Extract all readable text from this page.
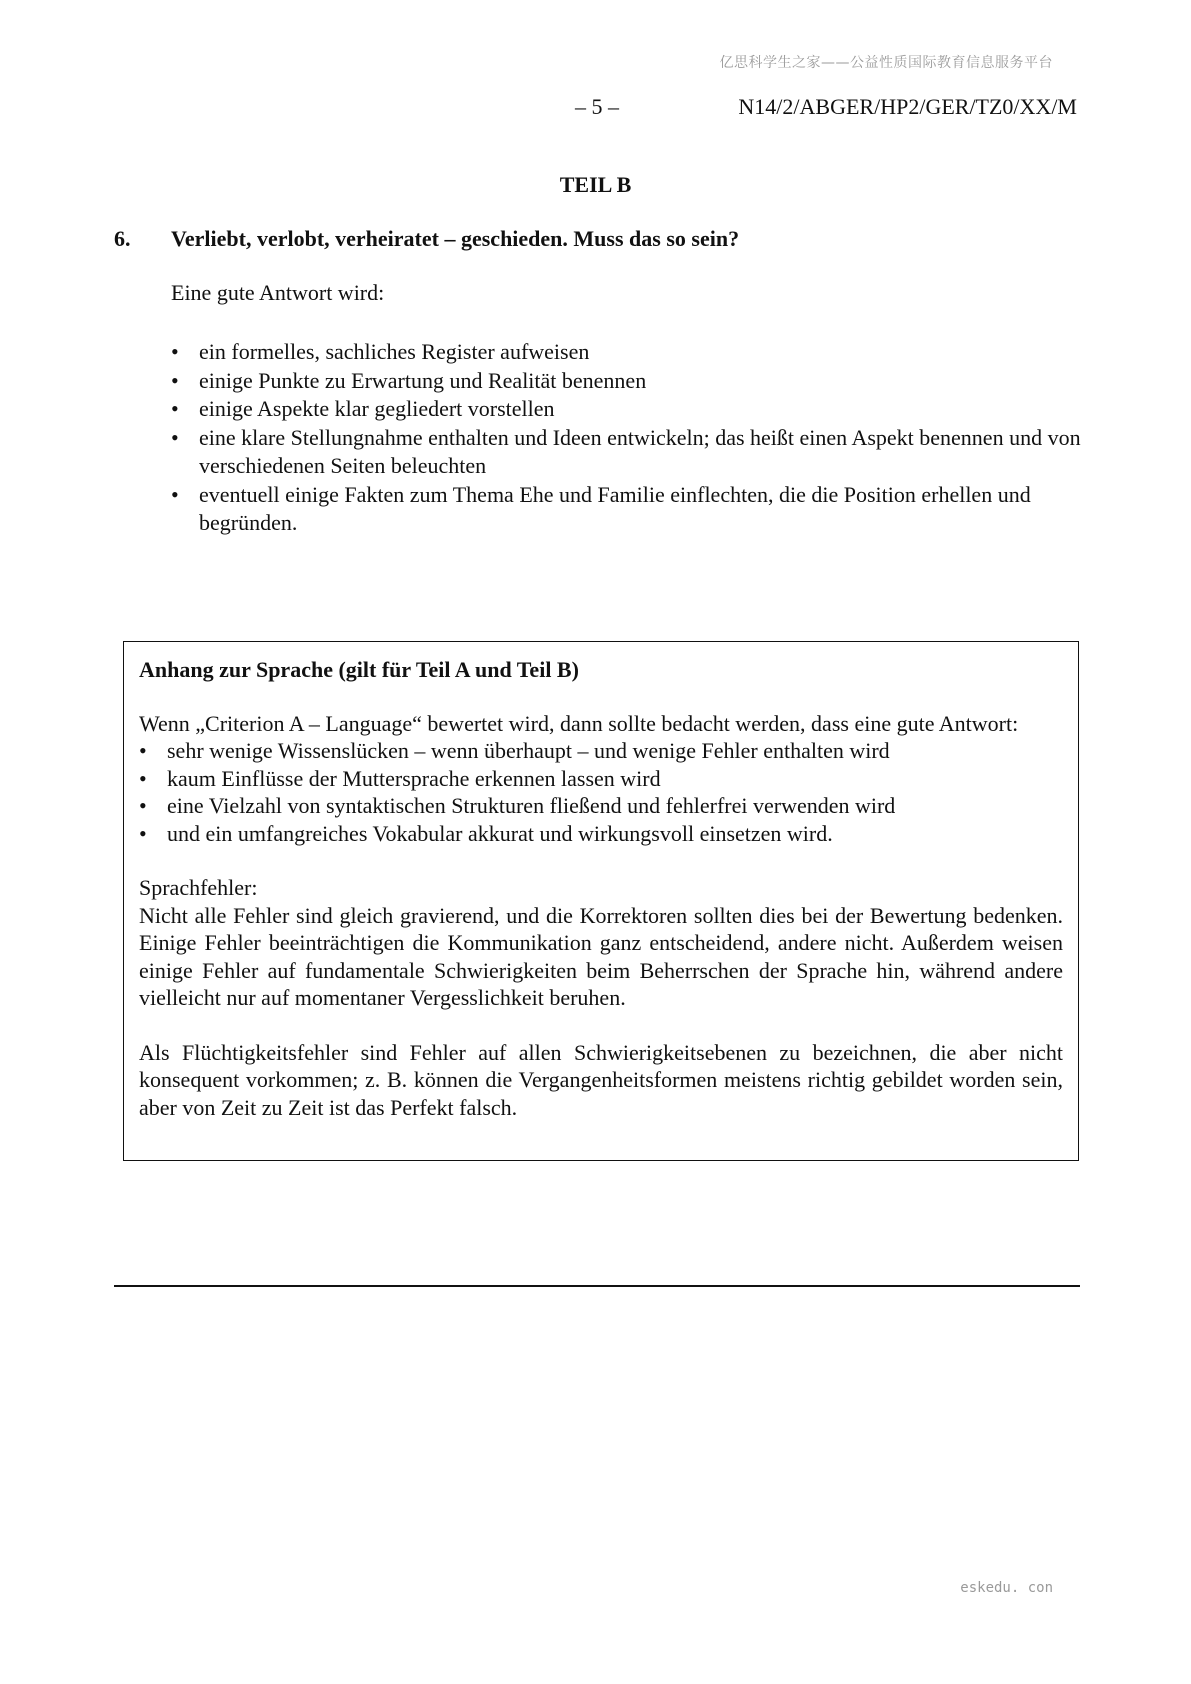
亿思科学生之家——公益性质国际教育信息服务平台
– 5 –	N14/2/ABGER/HP2/GER/TZ0/XX/M
TEIL B
6. Verliebt, verlobt, verheiratet – geschieden. Muss das so sein?
Eine gute Antwort wird:
• ein formelles, sachliches Register aufweisen
• einige Punkte zu Erwartung und Realität benennen
• einige Aspekte klar gegliedert vorstellen
• eine klare Stellungnahme enthalten und Ideen entwickeln; das heißt einen Aspekt benennen und von verschiedenen Seiten beleuchten
• eventuell einige Fakten zum Thema Ehe und Familie einflechten, die die Position erhellen und begründen.

Anhang zur Sprache (gilt für Teil A und Teil B)

Wenn „Criterion A – Language“ bewertet wird, dann sollte bedacht werden, dass eine gute Antwort:

• sehr wenige Wissenslücken – wenn überhaupt – und wenige Fehler enthalten wird
• kaum Einflüsse der Muttersprache erkennen lassen wird
• eine Vielzahl von syntaktischen Strukturen fließend und fehlerfrei verwenden wird
• und ein umfangreiches Vokabular akkurat und wirkungsvoll einsetzen wird.

Sprachfehler:

Nicht alle Fehler sind gleich gravierend, und die Korrektoren sollten dies bei der Bewertung bedenken. Einige Fehler beeinträchtigen die Kommunikation ganz entscheidend, andere nicht. Außerdem weisen einige Fehler auf fundamentale Schwierigkeiten beim Beherrschen der Sprache hin, während andere vielleicht nur auf momentaner Vergesslichkeit beruhen.

Als Flüchtigkeitsfehler sind Fehler auf allen Schwierigkeitsebenen zu bezeichnen, die aber nicht konsequent vorkommen; z. B. können die Vergangenheitsformen meistens richtig gebildet worden sein, aber von Zeit zu Zeit ist das Perfekt falsch.

eskedu. con
